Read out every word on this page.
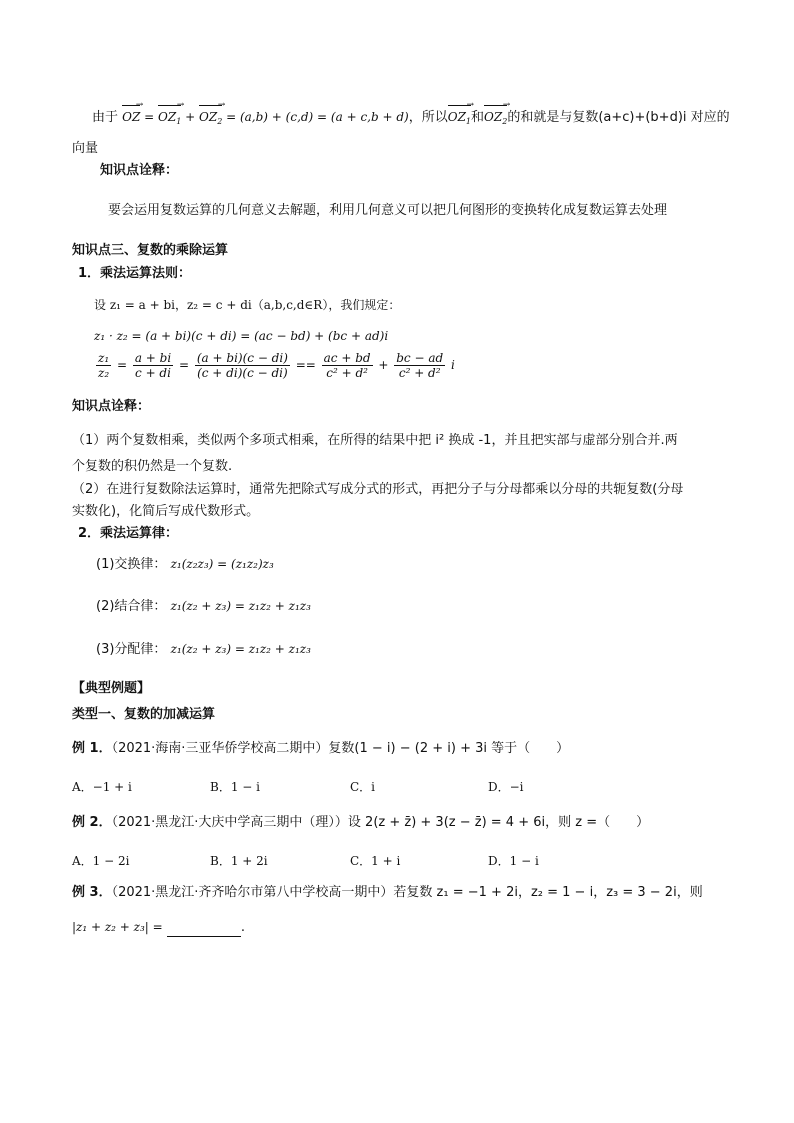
由于 OZ → = $OZ_1$ → + $OZ_2$ → = (a,b) + (c,d) = (a + c,b + d)，所以$OZ_1$ →和$OZ_2$ →的和就是与复数(a+c)+(b+d)i 对应的
向量
知识点诠释：
要会运用复数运算的几何意义去解题，利用几何意义可以把几何图形的变换转化成复数运算去处理
知识点三、复数的乘除运算
1．乘法运算法则：
设 z₁ = a + bi，z₂ = c + di（a,b,c,d∈R），我们规定：
z₁ · z₂ = (a + bi)(c + di) = (ac − bd) + (bc + ad)i
$\frac{\text{z₁}}{\text{z₂}} = \frac{a + bi}{c + di} = \frac{(a + bi)(c - di)}{(c + di)(c - di)} == \frac{ac + bd}{\text{c² + d²}} + \frac{bc - ad}{\text{c² + d²}}$ i
知识点诠释：
（1）两个复数相乘，类似两个多项式相乘，在所得的结果中把 i² 换成 -1，并且把实部与虚部分别合并.两
个复数的积仍然是一个复数.
（2）在进行复数除法运算时，通常先把除式写成分式的形式，再把分子与分母都乘以分母的共轭复数(分母
实数化)，化简后写成代数形式。
2．乘法运算律：
(1)交换律： z₁(z₂z₃) = (z₁z₂)z₃
(2)结合律： z₁(z₂ + z₃) = z₁z₂ + z₁z₃
(3)分配律： z₁(z₂ + z₃) = z₁z₂ + z₁z₃
【典型例题】
类型一、复数的加减运算
例 1．（2021·海南·三亚华侨学校高二期中）复数(1 − i) − (2 + i) + 3i 等于（　　）
A．−1 + i	B．1 − i	C．i	D．−i
例 2．（2021·黑龙江·大庆中学高三期中（理））设 2(z + z̄) + 3(z − z̄) = 4 + 6i，则 z =（　　）
A．1 − 2i	B．1 + 2i	C．1 + i	D．1 − i
例 3．（2021·黑龙江·齐齐哈尔市第八中学校高一期中）若复数 z₁ = −1 + 2i，z₂ = 1 − i，z₃ = 3 − 2i，则
|z₁ + z₂ + z₃| =	.
